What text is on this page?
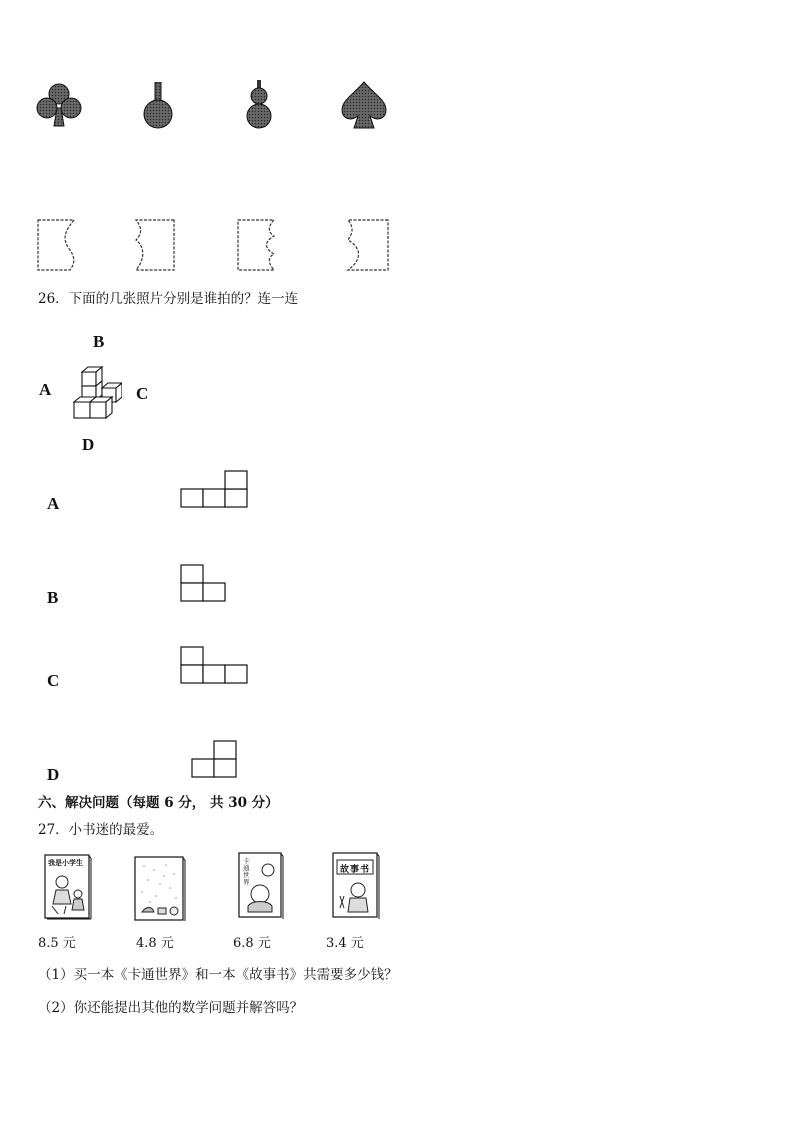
26．下面的几张照片分别是谁拍的？连一连
B
A	C
D
A
B
C
D
六、解决问题（每题 6 分， 共 30 分）
27．小书迷的最爱。
我是小学生	卡通世界
故事书
8.5 元	4.8 元	6.8 元	3.4 元
（1）买一本《卡通世界》和一本《故事书》共需要多少钱？
（2）你还能提出其他的数学问题并解答吗？
